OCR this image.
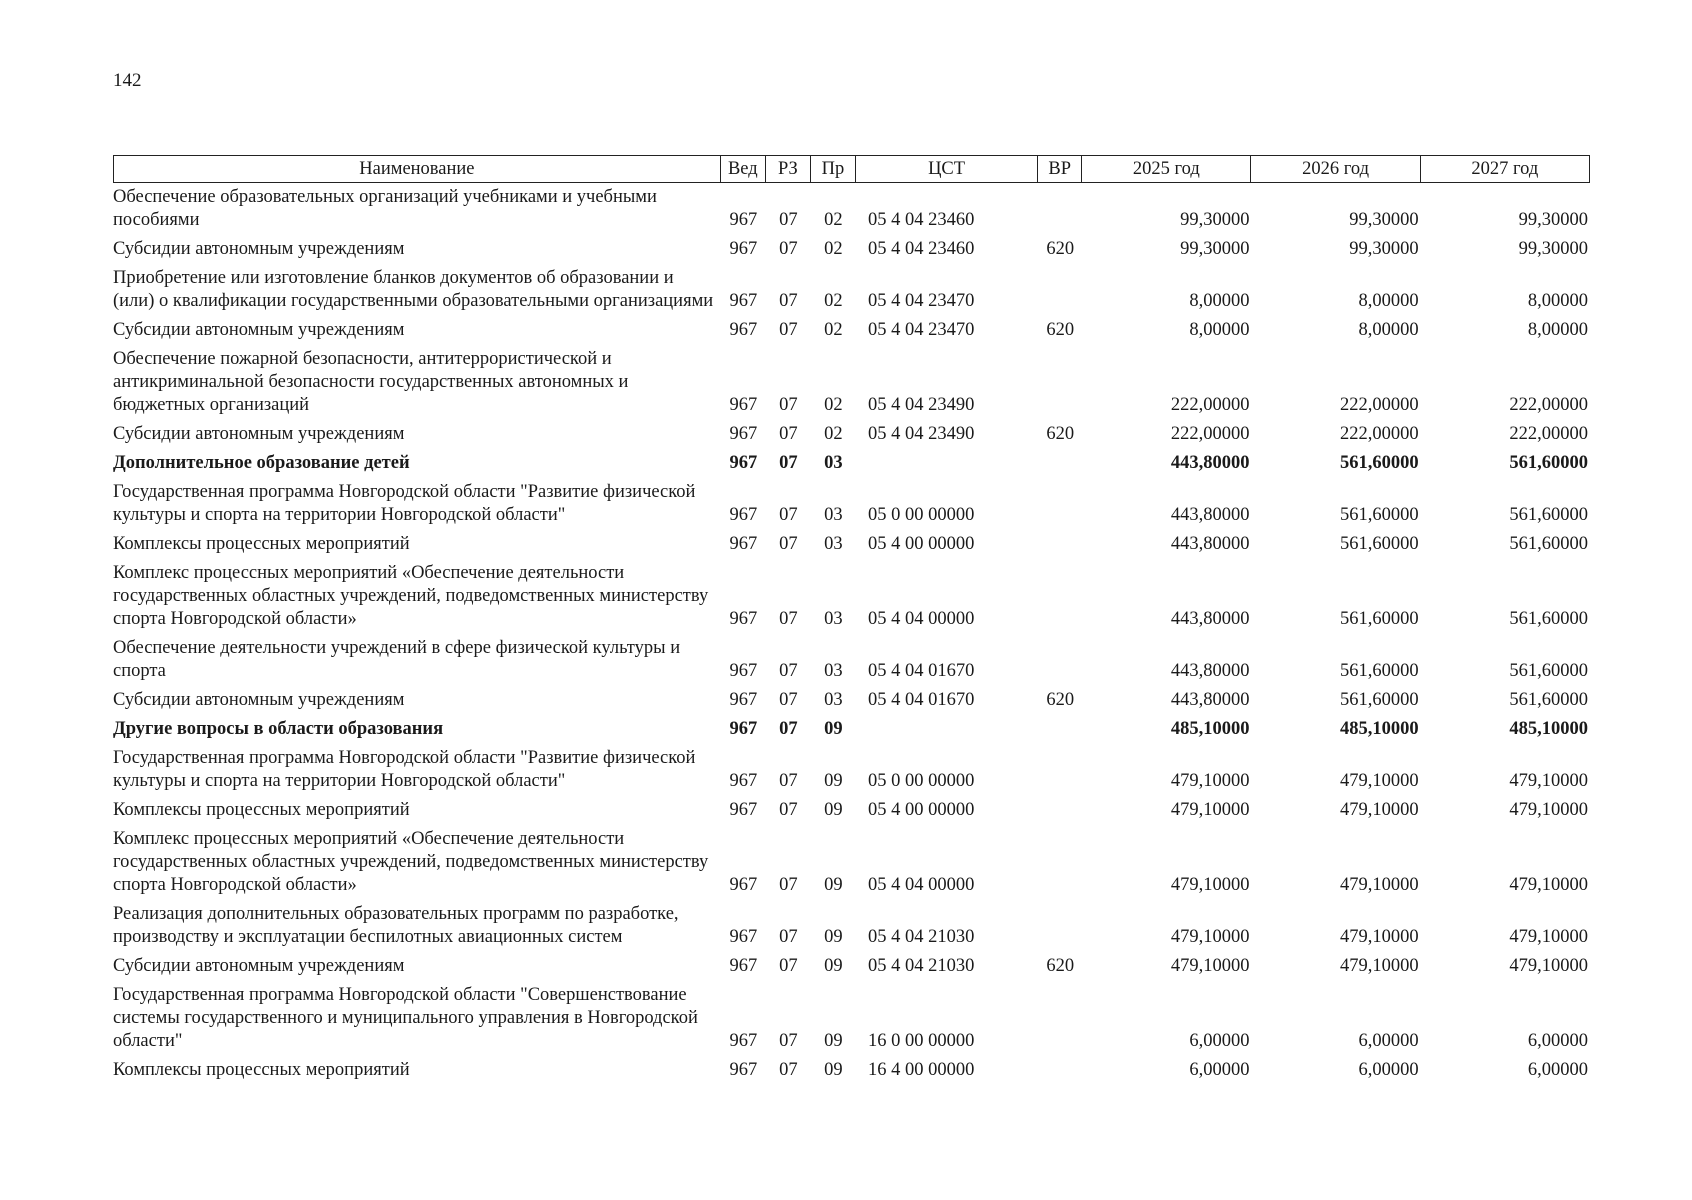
142
Наименование	Вед	РЗ	Пр	ЦСТ	ВР	2025 год	2026 год	2027 год
Обеспечение образовательных организаций учебниками и учебными пособиями	967	07	02	05 4 04 23460		99,30000	99,30000	99,30000
Субсидии автономным учреждениям	967	07	02	05 4 04 23460	620	99,30000	99,30000	99,30000
Приобретение или изготовление бланков документов об образовании и (или) о квалификации государственными образовательными организациями	967	07	02	05 4 04 23470		8,00000	8,00000	8,00000
Субсидии автономным учреждениям	967	07	02	05 4 04 23470	620	8,00000	8,00000	8,00000
Обеспечение пожарной безопасности, антитеррористической и антикриминальной безопасности государственных автономных и бюджетных организаций	967	07	02	05 4 04 23490		222,00000	222,00000	222,00000
Субсидии автономным учреждениям	967	07	02	05 4 04 23490	620	222,00000	222,00000	222,00000
Дополнительное образование детей	967	07	03			443,80000	561,60000	561,60000
Государственная программа Новгородской области "Развитие физической культуры и спорта на территории Новгородской области"	967	07	03	05 0 00 00000		443,80000	561,60000	561,60000
Комплексы процессных мероприятий	967	07	03	05 4 00 00000		443,80000	561,60000	561,60000
Комплекс процессных мероприятий «Обеспечение деятельности государственных областных учреждений, подведомственных министерству спорта Новгородской области»	967	07	03	05 4 04 00000		443,80000	561,60000	561,60000
Обеспечение деятельности учреждений в сфере физической культуры и спорта	967	07	03	05 4 04 01670		443,80000	561,60000	561,60000
Субсидии автономным учреждениям	967	07	03	05 4 04 01670	620	443,80000	561,60000	561,60000
Другие вопросы в области образования	967	07	09			485,10000	485,10000	485,10000
Государственная программа Новгородской области "Развитие физической культуры и спорта на территории Новгородской области"	967	07	09	05 0 00 00000		479,10000	479,10000	479,10000
Комплексы процессных мероприятий	967	07	09	05 4 00 00000		479,10000	479,10000	479,10000
Комплекс процессных мероприятий «Обеспечение деятельности государственных областных учреждений, подведомственных министерству спорта Новгородской области»	967	07	09	05 4 04 00000		479,10000	479,10000	479,10000
Реализация дополнительных образовательных программ по разработке, производству и эксплуатации беспилотных авиационных систем	967	07	09	05 4 04 21030		479,10000	479,10000	479,10000
Субсидии автономным учреждениям	967	07	09	05 4 04 21030	620	479,10000	479,10000	479,10000
Государственная программа Новгородской области "Совершенствование системы государственного и муниципального управления в Новгородской области"	967	07	09	16 0 00 00000		6,00000	6,00000	6,00000
Комплексы процессных мероприятий	967	07	09	16 4 00 00000		6,00000	6,00000	6,00000
